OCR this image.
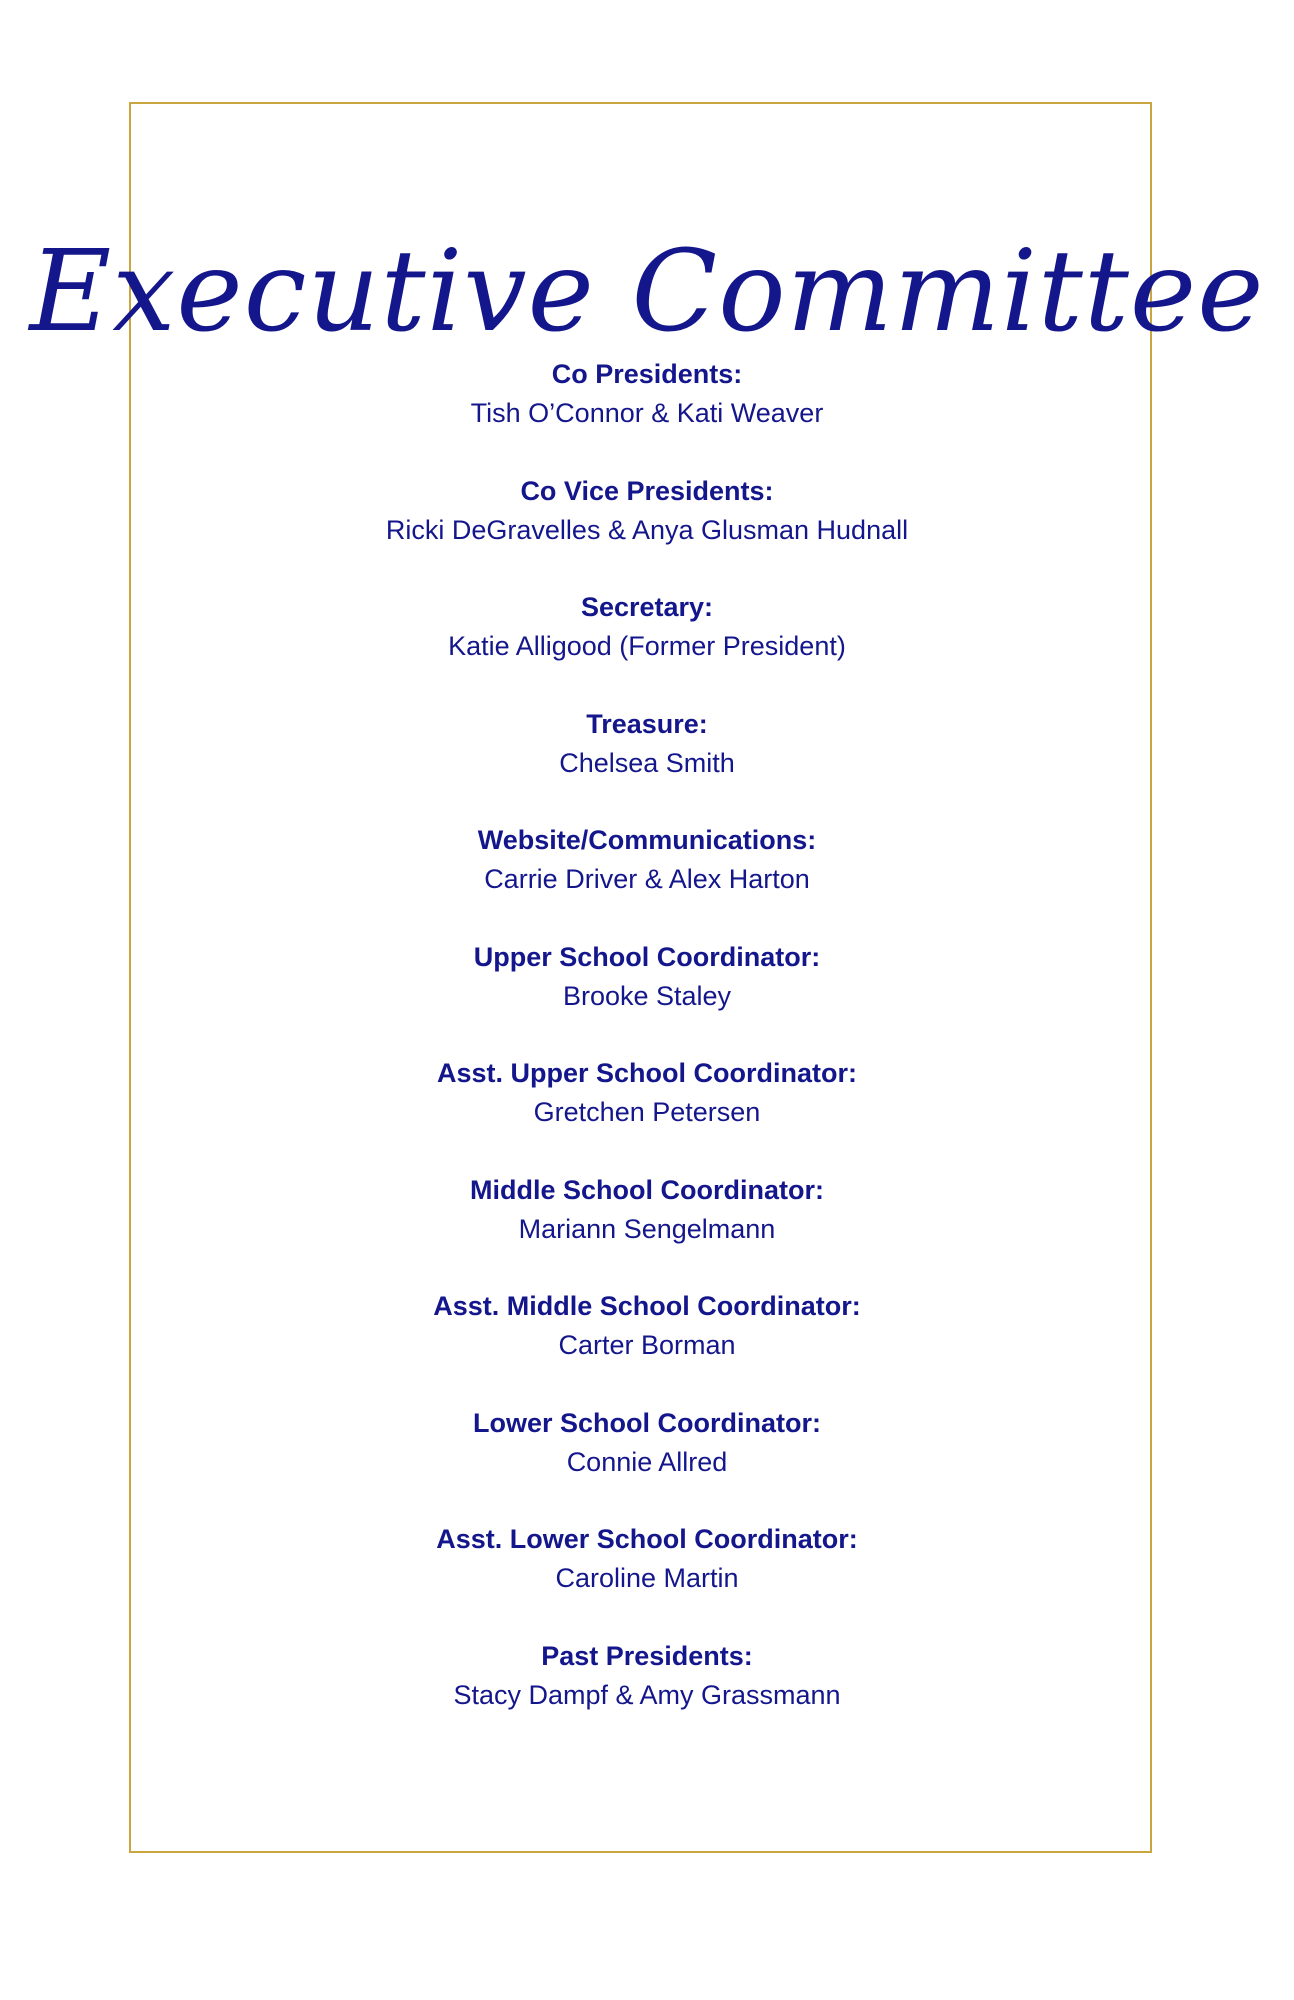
Executive Committee
Co Presidents:
Tish O’Connor & Kati Weaver
Co Vice Presidents:
Ricki DeGravelles & Anya Glusman Hudnall
Secretary:
Katie Alligood (Former President)
Treasure:
Chelsea Smith
Website/Communications:
Carrie Driver & Alex Harton
Upper School Coordinator:
Brooke Staley
Asst. Upper School Coordinator:
Gretchen Petersen
Middle School Coordinator:
Mariann Sengelmann
Asst. Middle School Coordinator:
Carter Borman
Lower School Coordinator:
Connie Allred
Asst. Lower School Coordinator:
Caroline Martin
Past Presidents:
Stacy Dampf & Amy Grassmann
